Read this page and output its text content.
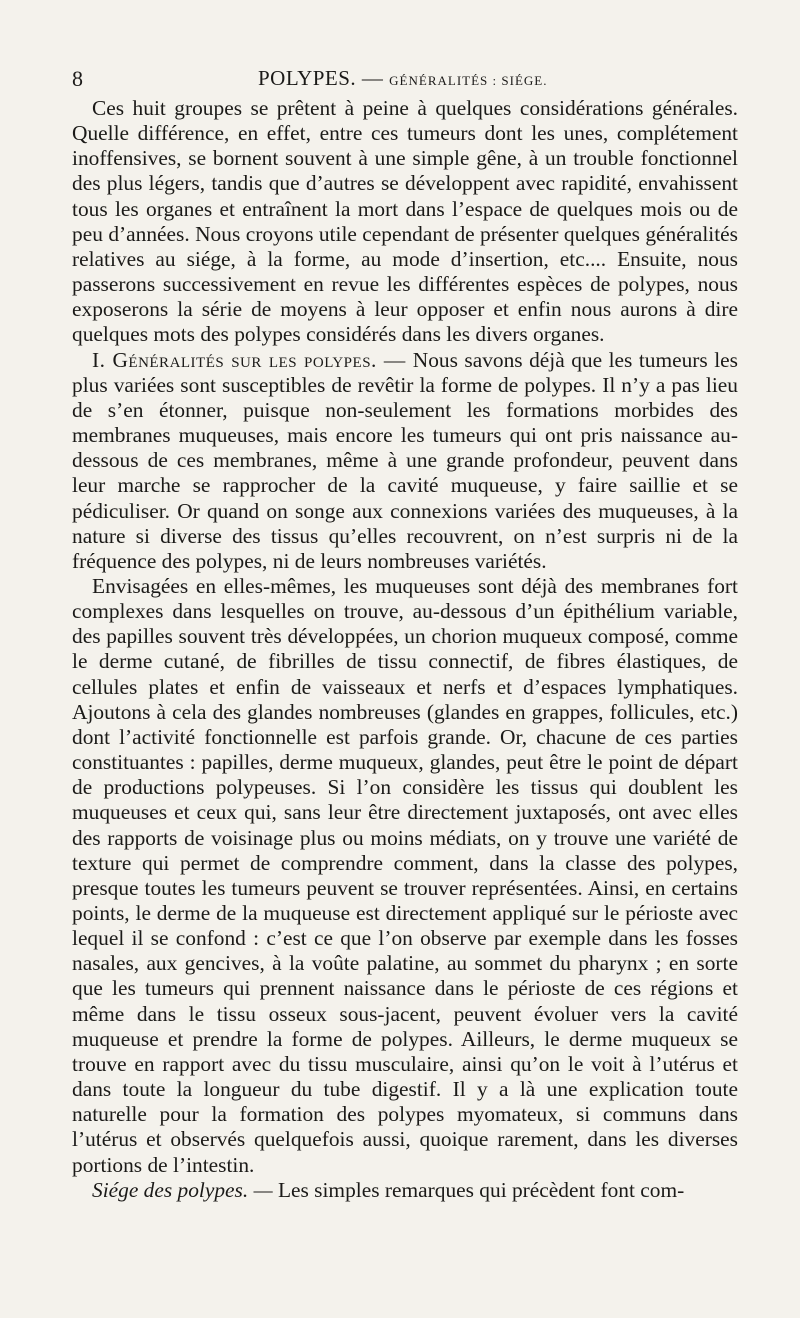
8	POLYPES. — GÉNÉRALITÉS : SIÉGE.

Ces huit groupes se prêtent à peine à quelques considérations générales. Quelle différence, en effet, entre ces tumeurs dont les unes, complétement inoffensives, se bornent souvent à une simple gêne, à un trouble fonctionnel des plus légers, tandis que d’autres se développent avec rapidité, envahissent tous les organes et entraînent la mort dans l’espace de quelques mois ou de peu d’années. Nous croyons utile cependant de présenter quelques généralités relatives au siége, à la forme, au mode d’insertion, etc.... Ensuite, nous passerons successivement en revue les différentes espèces de polypes, nous exposerons la série de moyens à leur opposer et enfin nous aurons à dire quelques mots des polypes considérés dans les divers organes.

I. Généralités sur les polypes. — Nous savons déjà que les tumeurs les plus variées sont susceptibles de revêtir la forme de polypes. Il n’y a pas lieu de s’en étonner, puisque non-seulement les formations morbides des membranes muqueuses, mais encore les tumeurs qui ont pris naissance au-dessous de ces membranes, même à une grande profondeur, peuvent dans leur marche se rapprocher de la cavité muqueuse, y faire saillie et se pédiculiser. Or quand on songe aux connexions variées des muqueuses, à la nature si diverse des tissus qu’elles recouvrent, on n’est surpris ni de la fréquence des polypes, ni de leurs nombreuses variétés.

Envisagées en elles-mêmes, les muqueuses sont déjà des membranes fort complexes dans lesquelles on trouve, au-dessous d’un épithélium variable, des papilles souvent très développées, un chorion muqueux composé, comme le derme cutané, de fibrilles de tissu connectif, de fibres élastiques, de cellules plates et enfin de vaisseaux et nerfs et d’espaces lymphatiques. Ajoutons à cela des glandes nombreuses (glandes en grappes, follicules, etc.) dont l’activité fonctionnelle est parfois grande. Or, chacune de ces parties constituantes : papilles, derme muqueux, glandes, peut être le point de départ de productions polypeuses. Si l’on considère les tissus qui doublent les muqueuses et ceux qui, sans leur être directement juxtaposés, ont avec elles des rapports de voisinage plus ou moins médiats, on y trouve une variété de texture qui permet de comprendre comment, dans la classe des polypes, presque toutes les tumeurs peuvent se trouver représentées. Ainsi, en certains points, le derme de la muqueuse est directement appliqué sur le périoste avec lequel il se confond : c’est ce que l’on observe par exemple dans les fosses nasales, aux gencives, à la voûte palatine, au sommet du pharynx ; en sorte que les tumeurs qui prennent naissance dans le périoste de ces régions et même dans le tissu osseux sous-jacent, peuvent évoluer vers la cavité muqueuse et prendre la forme de polypes. Ailleurs, le derme muqueux se trouve en rapport avec du tissu musculaire, ainsi qu’on le voit à l’utérus et dans toute la longueur du tube digestif. Il y a là une explication toute naturelle pour la formation des polypes myomateux, si communs dans l’utérus et observés quelquefois aussi, quoique rarement, dans les diverses portions de l’intestin.

Siége des polypes. — Les simples remarques qui précèdent font com-
